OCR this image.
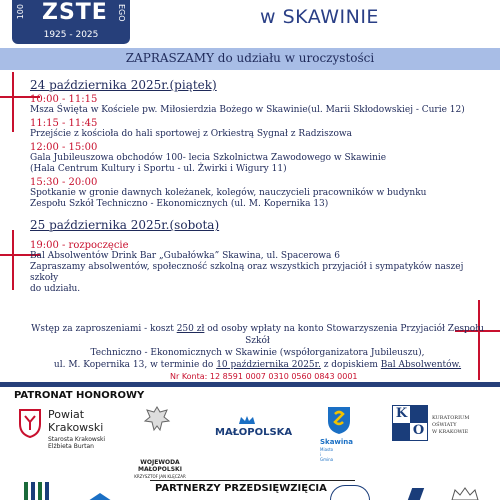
100 ZSTE EGO
1925 - 2025
w SKAWINIE
ZAPRASZAMY do udziału w uroczystości
24 października 2025r.(piątek)
10:00 - 11:15
Msza Święta w Kościele pw. Miłosierdzia Bożego w Skawinie(ul. Marii Skłodowskiej - Curie 12)
11:15 - 11:45
Przejście z kościoła do hali sportowej z Orkiestrą Sygnał z Radziszowa
12:00 - 15:00
Gala Jubileuszowa obchodów 100- lecia Szkolnictwa Zawodowego w Skawinie
(Hala Centrum Kultury i Sportu - ul. Żwirki i Wigury 11)
15:30 - 20:00
Spotkanie w gronie dawnych koleżanek, kolegów, nauczycieli pracowników w budynku
Zespołu Szkół Techniczno - Ekonomicznych (ul. M. Kopernika 13)
25 października 2025r.(sobota)
19:00 - rozpoczęcie
Bal Absolwentów Drink Bar „Gubałówka” Skawina, ul. Spacerowa 6
Zapraszamy absolwentów, społeczność szkolną oraz wszystkich przyjaciół i sympatyków naszej szkoły
do udziału.
Wstęp za zaproszeniami - koszt 250 zł od osoby wpłaty na konto Stowarzyszenia Przyjaciół Zespołu Szkół
Techniczno - Ekonomicznych w Skawinie (współorganizatora Jubileuszu),
ul. M. Kopernika 13, w terminie do 10 października 2025r. z dopiskiem Bal Absolwentów.
Nr Konta: 12 8591 0007 0310 0560 0843 0001
PATRONAT HONOROWY
Powiat
Krakowski
Starosta Krakowski
Elżbieta Burtan
WOJEWODA
MAŁOPOLSKI
KRZYSZTOF JAN KLĘCZAR
MAŁOPOLSKA
Skawina
Miasto i Gmina
K
O
KURATORIUM
OŚWIATY
W KRAKOWIE
PARTNERZY PRZEDSIĘWZIĘCIA
